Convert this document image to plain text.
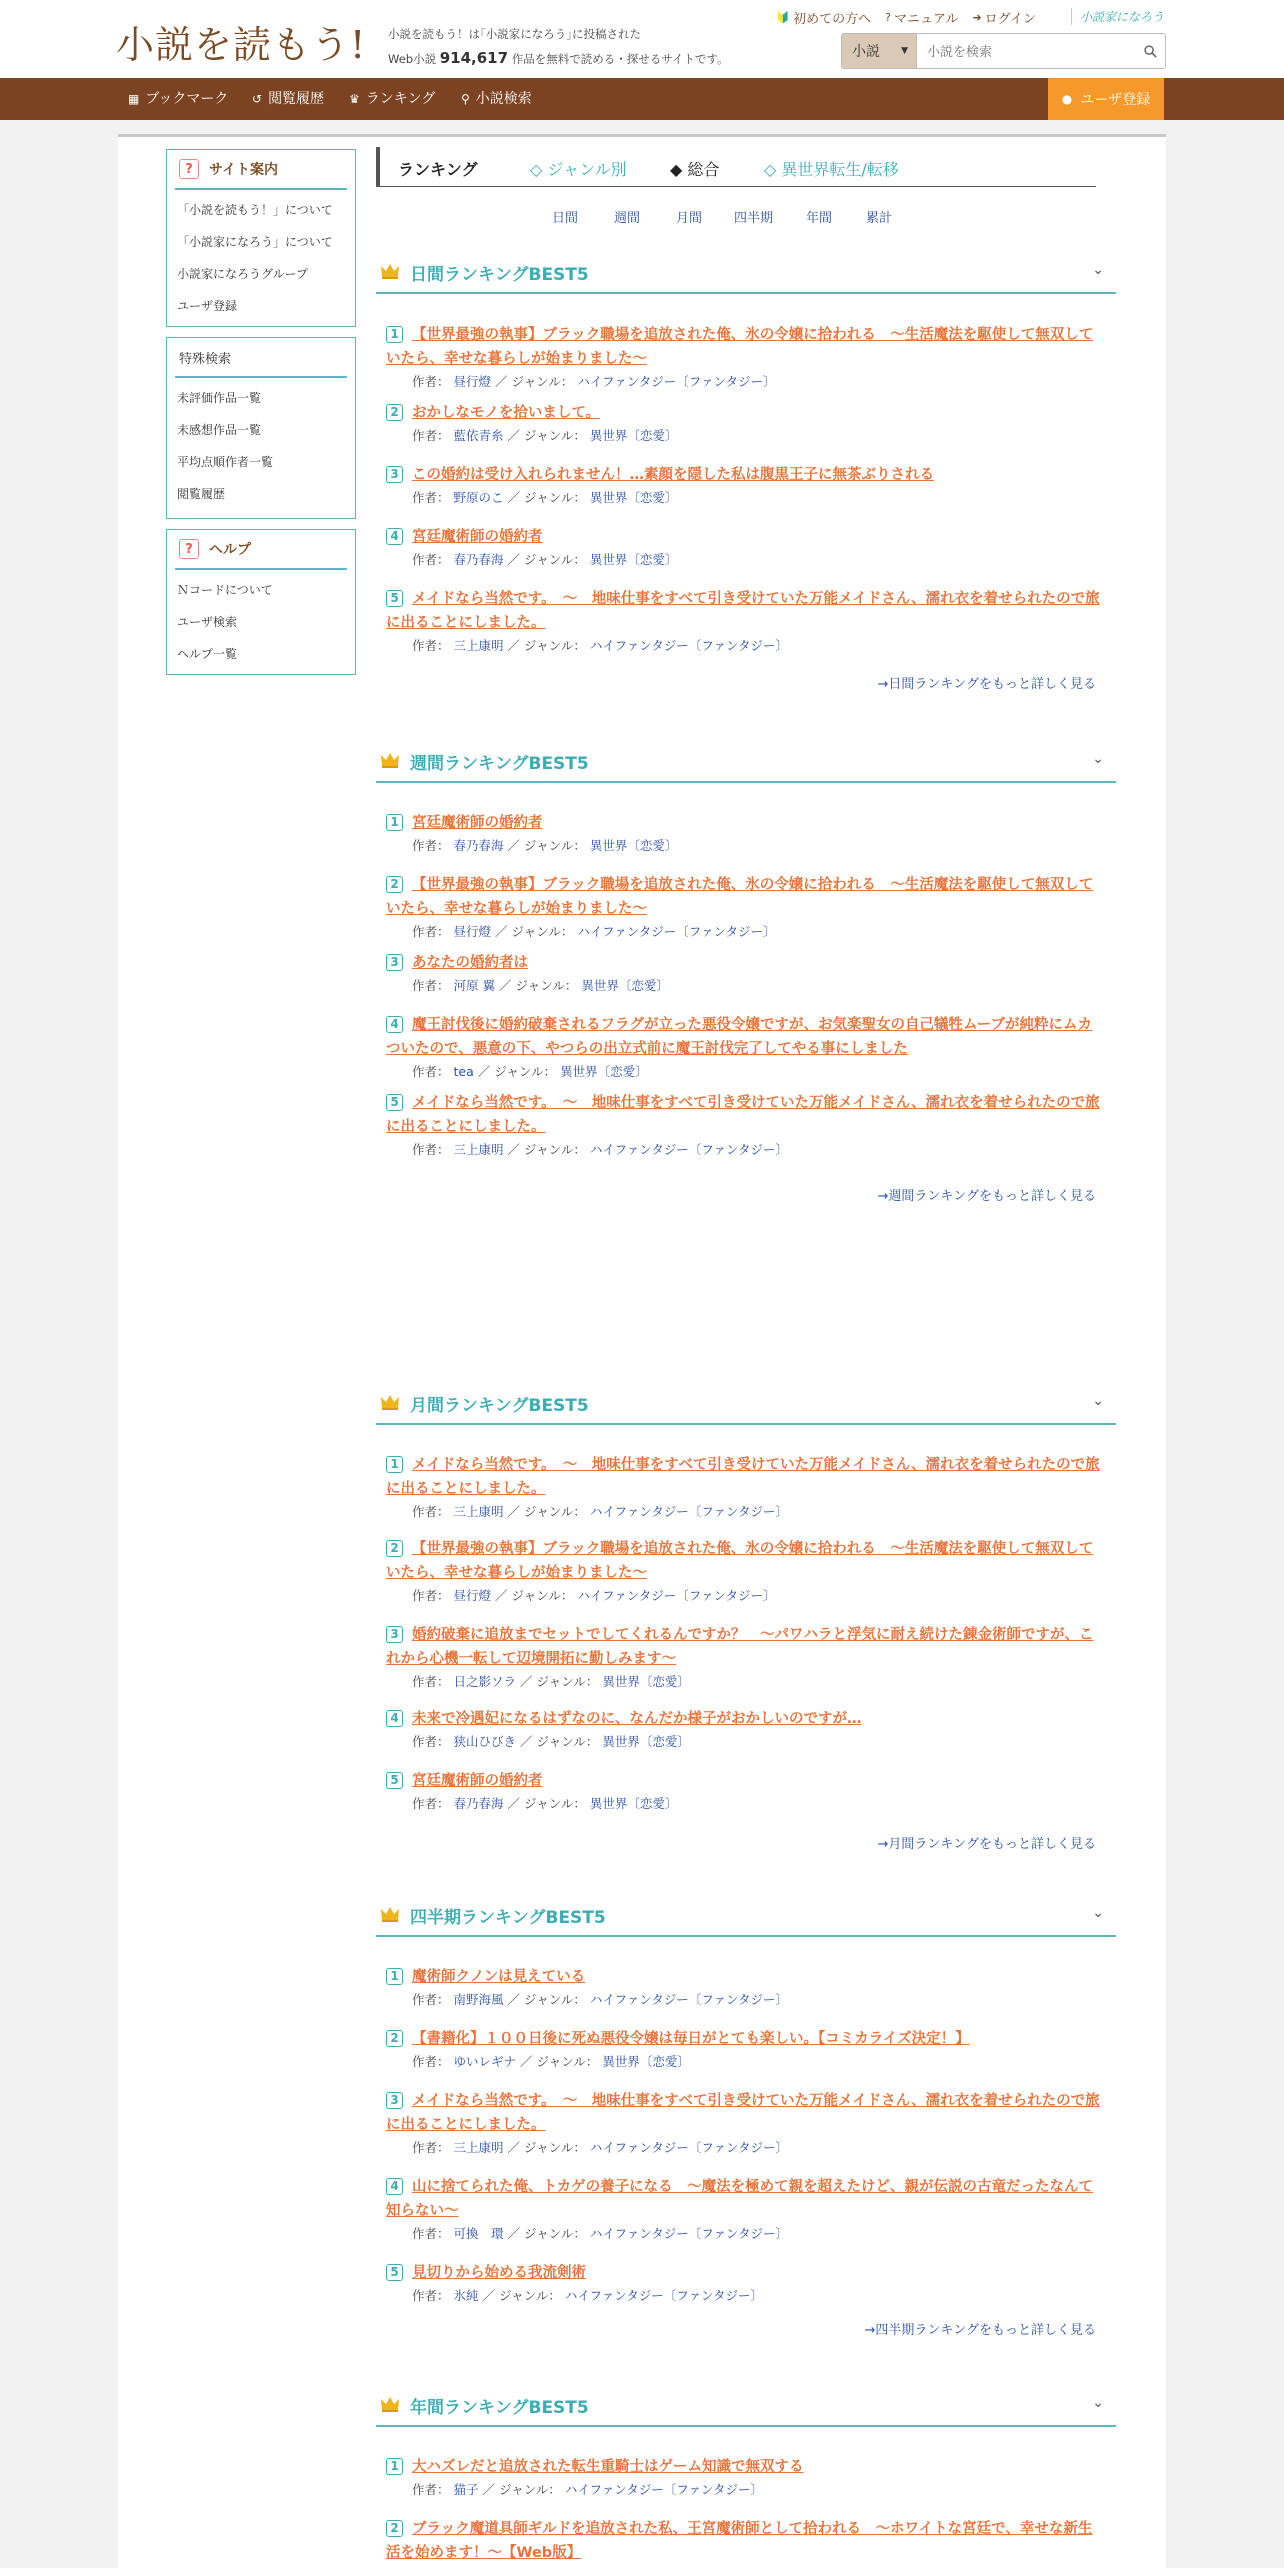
小説を読もう! 小説を読もう！は｢小説家になろう｣に投稿された
Web小説 914,617 作品を無料で読める・探せるサイトです。
🔰 初めての方へ ? マニュアル ➜ ログイン	小説家になろう
小説 ▼
小説を検索
▦ ブックマーク ↺ 閲覧履歴 ♛ ランキング ⚲ 小説検索	● ユーザ登録
?	サイト案内
「小説を読もう！」について
「小説家になろう」について
小説家になろうグループ
ユーザ登録
特殊検索
未評価作品一覧
未感想作品一覧
平均点順作者一覧
閲覧履歴
?	ヘルプ
Ｎコードについて
ユーザ検索
ヘルプ一覧
ランキング	◇ ジャンル別	◆ 総合	◇ 異世界転生/転移
日間	週間	月間 四半期	年間	累計
日間ランキングBEST5	⌄
1 【世界最強の執事】ブラック職場を追放された俺、氷の令嬢に拾われる　～生活魔法を駆使して無双していたら、幸せな暮らしが始まりました～
作者： 昼行燈 ／ ジャンル： ハイファンタジー〔ファンタジー〕
2 おかしなモノを拾いまして。
作者： 藍依青糸 ／ ジャンル： 異世界〔恋愛〕
3 この婚約は受け入れられません！…素顔を隠した私は腹黒王子に無茶ぶりされる
作者： 野原のこ ／ ジャンル： 異世界〔恋愛〕
4 宮廷魔術師の婚約者
作者： 春乃春海 ／ ジャンル： 異世界〔恋愛〕
5 メイドなら当然です。　～　地味仕事をすべて引き受けていた万能メイドさん、濡れ衣を着せられたので旅に出ることにしました。
作者： 三上康明 ／ ジャンル： ハイファンタジー〔ファンタジー〕
→日間ランキングをもっと詳しく見る
週間ランキングBEST5	⌄
1 宮廷魔術師の婚約者
作者： 春乃春海 ／ ジャンル： 異世界〔恋愛〕
2 【世界最強の執事】ブラック職場を追放された俺、氷の令嬢に拾われる　～生活魔法を駆使して無双していたら、幸せな暮らしが始まりました～
作者： 昼行燈 ／ ジャンル： ハイファンタジー〔ファンタジー〕
3 あなたの婚約者は
作者： 河原 翼 ／ ジャンル： 異世界〔恋愛〕
4 魔王討伐後に婚約破棄されるフラグが立った悪役令嬢ですが、お気楽聖女の自己犠牲ムーブが純粋にムカついたので、悪意の下、やつらの出立式前に魔王討伐完了してやる事にしました
作者： tea ／ ジャンル： 異世界〔恋愛〕
5 メイドなら当然です。　～　地味仕事をすべて引き受けていた万能メイドさん、濡れ衣を着せられたので旅に出ることにしました。
作者： 三上康明 ／ ジャンル： ハイファンタジー〔ファンタジー〕
→週間ランキングをもっと詳しく見る
月間ランキングBEST5	⌄
1 メイドなら当然です。　～　地味仕事をすべて引き受けていた万能メイドさん、濡れ衣を着せられたので旅に出ることにしました。
作者： 三上康明 ／ ジャンル： ハイファンタジー〔ファンタジー〕
2 【世界最強の執事】ブラック職場を追放された俺、氷の令嬢に拾われる　～生活魔法を駆使して無双していたら、幸せな暮らしが始まりました～
作者： 昼行燈 ／ ジャンル： ハイファンタジー〔ファンタジー〕
3 婚約破棄に追放までセットでしてくれるんですか？　～パワハラと浮気に耐え続けた錬金術師ですが、これから心機一転して辺境開拓に勤しみます～
作者： 日之影ソラ ／ ジャンル： 異世界〔恋愛〕
4 未来で冷遇妃になるはずなのに、なんだか様子がおかしいのですが…
作者： 狭山ひびき ／ ジャンル： 異世界〔恋愛〕
5 宮廷魔術師の婚約者
作者： 春乃春海 ／ ジャンル： 異世界〔恋愛〕
→月間ランキングをもっと詳しく見る
四半期ランキングBEST5	⌄
1 魔術師クノンは見えている
作者： 南野海風 ／ ジャンル： ハイファンタジー〔ファンタジー〕
2 【書籍化】１００日後に死ぬ悪役令嬢は毎日がとても楽しい。【コミカライズ決定！】
作者： ゆいレギナ ／ ジャンル： 異世界〔恋愛〕
3 メイドなら当然です。　～　地味仕事をすべて引き受けていた万能メイドさん、濡れ衣を着せられたので旅に出ることにしました。
作者： 三上康明 ／ ジャンル： ハイファンタジー〔ファンタジー〕
4 山に捨てられた俺、トカゲの養子になる　～魔法を極めて親を超えたけど、親が伝説の古竜だったなんて知らない～
作者： 可換　環 ／ ジャンル： ハイファンタジー〔ファンタジー〕
5 見切りから始める我流剣術
作者： 氷純 ／ ジャンル： ハイファンタジー〔ファンタジー〕
→四半期ランキングをもっと詳しく見る
年間ランキングBEST5	⌄
1 大ハズレだと追放された転生重騎士はゲーム知識で無双する
作者： 猫子 ／ ジャンル： ハイファンタジー〔ファンタジー〕
2 ブラック魔道具師ギルドを追放された私、王宮魔術師として拾われる　～ホワイトな宮廷で、幸せな新生活を始めます！～【Web版】
